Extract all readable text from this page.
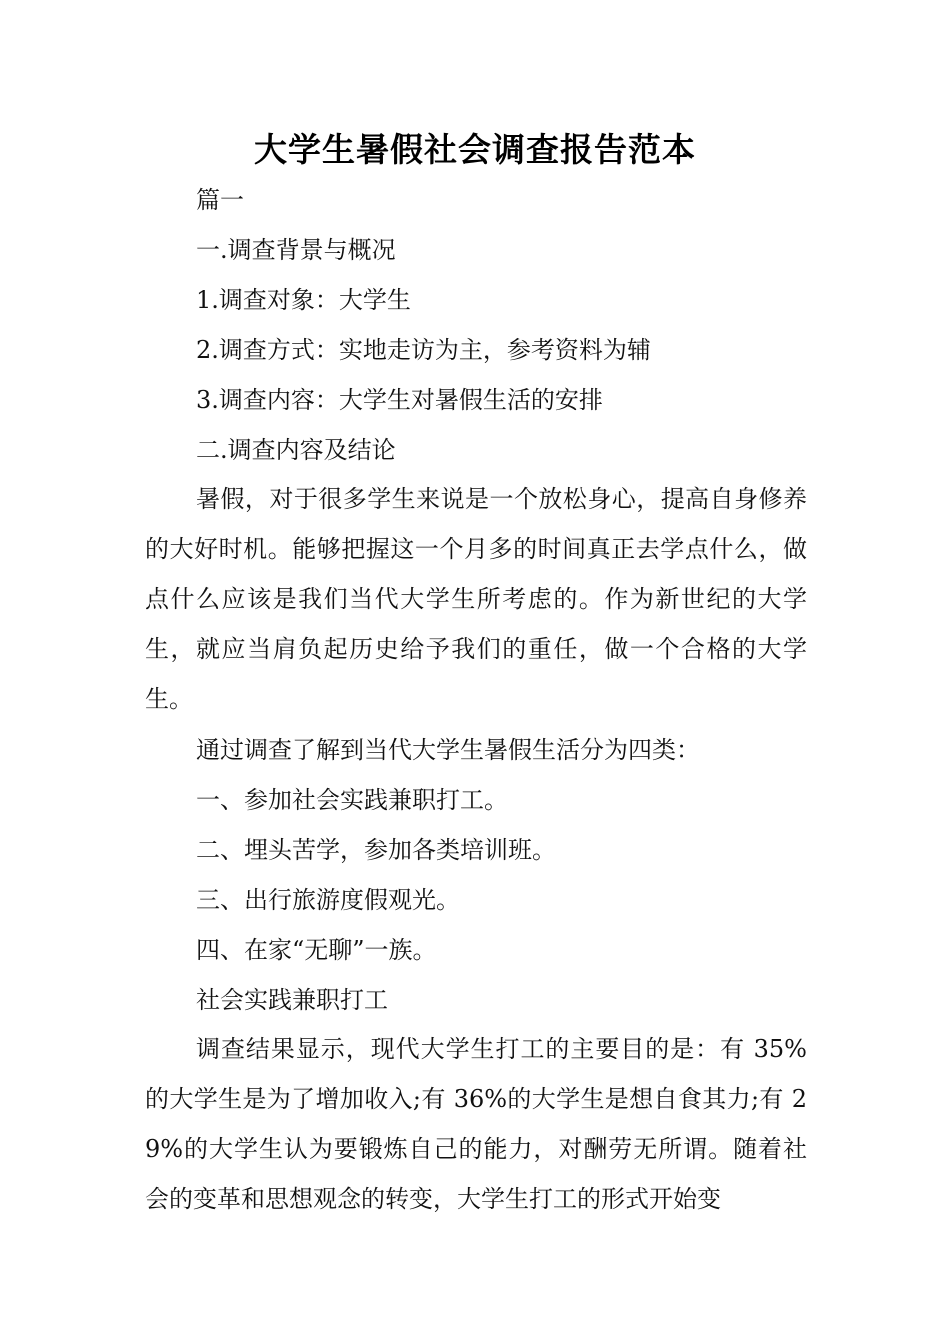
大学生暑假社会调查报告范本
篇一
一.调查背景与概况
1.调查对象：大学生
2.调查方式：实地走访为主，参考资料为辅
3.调查内容：大学生对暑假生活的安排
二.调查内容及结论
暑假，对于很多学生来说是一个放松身心，提高自身修养的大好时机。能够把握这一个月多的时间真正去学点什么，做点什么应该是我们当代大学生所考虑的。作为新世纪的大学生，就应当肩负起历史给予我们的重任，做一个合格的大学生。
通过调查了解到当代大学生暑假生活分为四类：
一、参加社会实践兼职打工。
二、埋头苦学，参加各类培训班。
三、出行旅游度假观光。
四、在家“无聊”一族。
社会实践兼职打工
调查结果显示，现代大学生打工的主要目的是：有 35%的大学生是为了增加收入;有 36%的大学生是想自食其力;有 29%的大学生认为要锻炼自己的能力，对酬劳无所谓。随着社会的变革和思想观念的转变，大学生打工的形式开始变
